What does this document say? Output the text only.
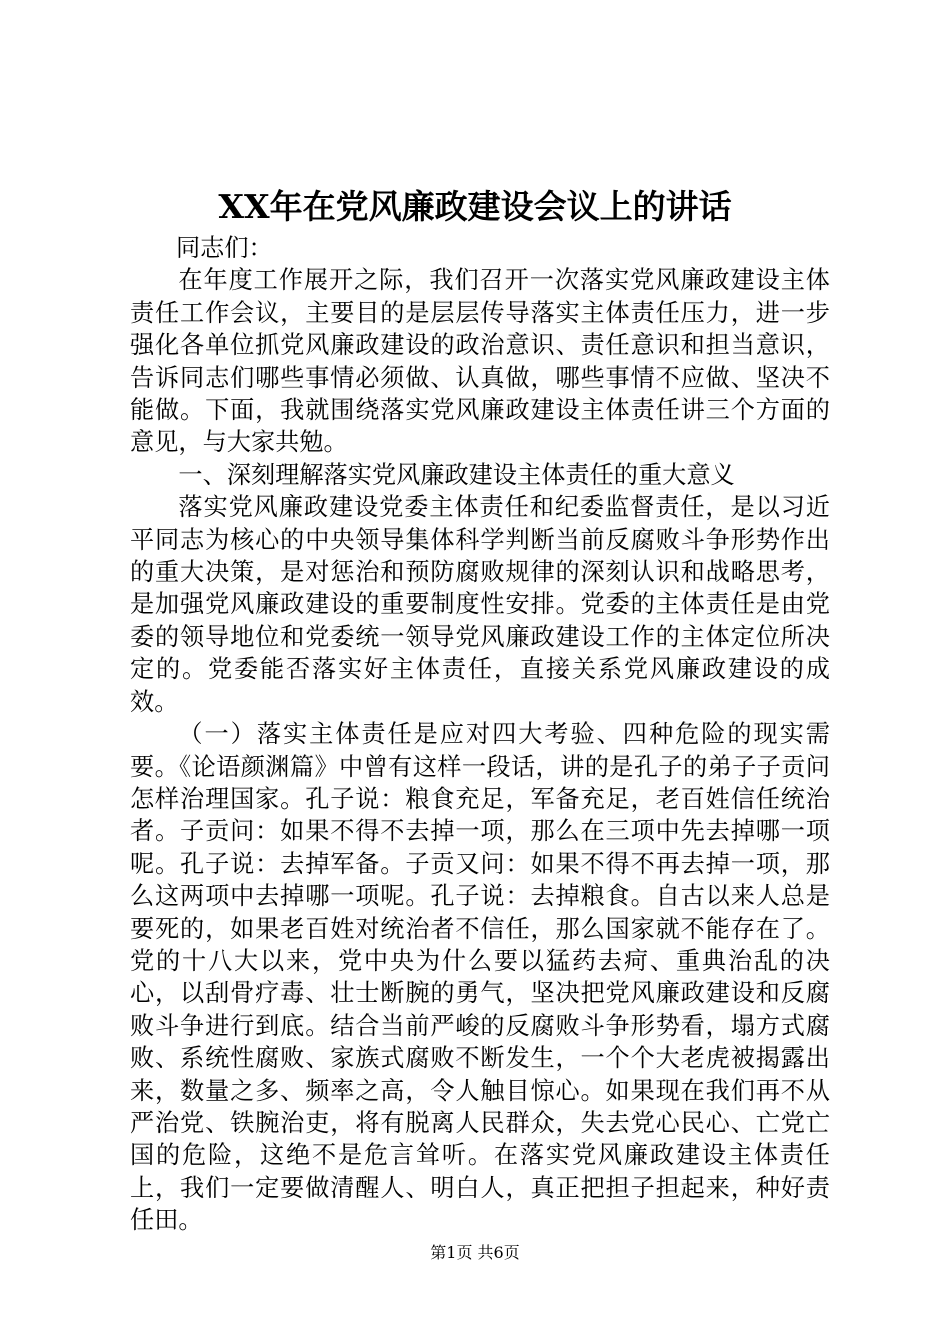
XX年在党风廉政建设会议上的讲话

同志们：

在年度工作展开之际，我们召开一次落实党风廉政建设主体责任工作会议，主要目的是层层传导落实主体责任压力，进一步强化各单位抓党风廉政建设的政治意识、责任意识和担当意识，告诉同志们哪些事情必须做、认真做，哪些事情不应做、坚决不能做。下面，我就围绕落实党风廉政建设主体责任讲三个方面的意见，与大家共勉。

一、深刻理解落实党风廉政建设主体责任的重大意义

落实党风廉政建设党委主体责任和纪委监督责任，是以习近平同志为核心的中央领导集体科学判断当前反腐败斗争形势作出的重大决策，是对惩治和预防腐败规律的深刻认识和战略思考，是加强党风廉政建设的重要制度性安排。党委的主体责任是由党委的领导地位和党委统一领导党风廉政建设工作的主体定位所决定的。党委能否落实好主体责任，直接关系党风廉政建设的成效。

（一）落实主体责任是应对四大考验、四种危险的现实需要。《论语颜渊篇》中曾有这样一段话，讲的是孔子的弟子子贡问怎样治理国家。孔子说：粮食充足，军备充足，老百姓信任统治者。子贡问：如果不得不去掉一项，那么在三项中先去掉哪一项呢。孔子说：去掉军备。子贡又问：如果不得不再去掉一项，那么这两项中去掉哪一项呢。孔子说：去掉粮食。自古以来人总是要死的，如果老百姓对统治者不信任，那么国家就不能存在了。党的十八大以来，党中央为什么要以猛药去疴、重典治乱的决心，以刮骨疗毒、壮士断腕的勇气，坚决把党风廉政建设和反腐败斗争进行到底。结合当前严峻的反腐败斗争形势看，塌方式腐败、系统性腐败、家族式腐败不断发生，一个个大老虎被揭露出来，数量之多、频率之高，令人触目惊心。如果现在我们再不从严治党、铁腕治吏，将有脱离人民群众，失去党心民心、亡党亡国的危险，这绝不是危言耸听。在落实党风廉政建设主体责任上，我们一定要做清醒人、明白人，真正把担子担起来，种好责任田。

第1页 共6页
